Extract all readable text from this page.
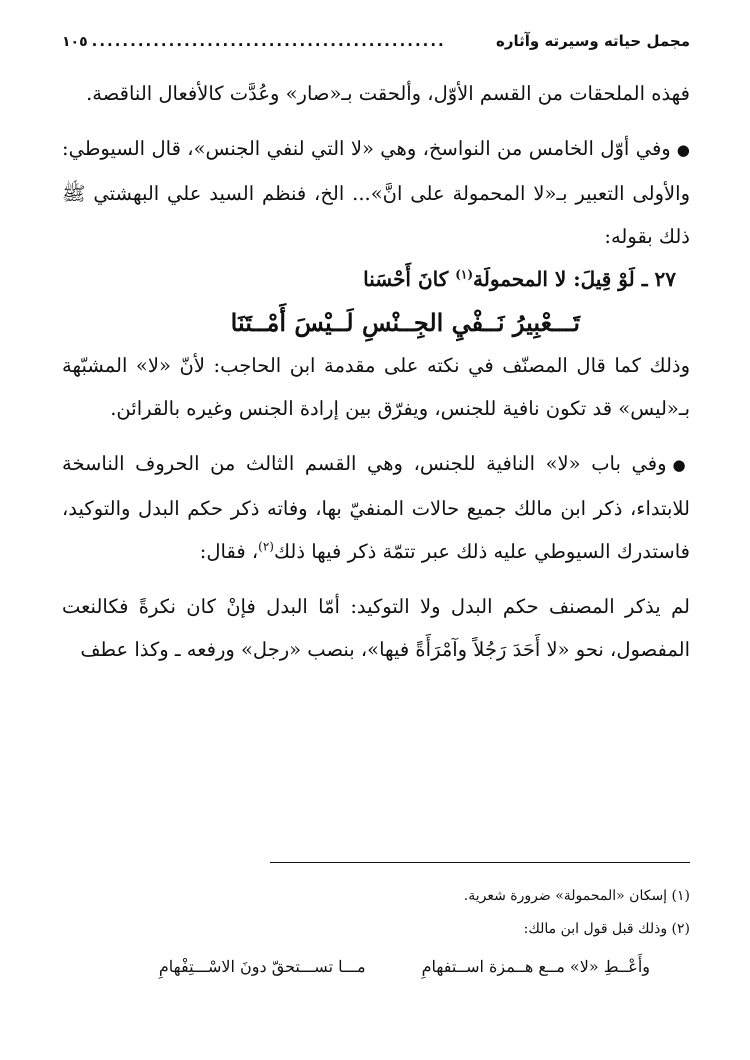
مجمل حياته وسيرته وآثاره
..............................................
١٠٥

فهذه الملحقات من القسم الأوّل، وألحقت بـ«صار» وعُدَّت كالأفعال الناقصة.

● وفي أوّل الخامس من النواسخ، وهي «لا التي لنفي الجنس»، قال السيوطي: والأولى التعبير بـ«لا المحمولة على انَّ»... الخ، فنظم السيد علي البهشتي ﷺ ذلك بقوله:

٢٧ ـ لَوْ قِيلَ: لا المحمولَة$^{(١)}$ كانَ أَحْسَنا

تَـــعْبِيرُ نَــفْيِ الجِــنْسِ لَــيْسَ أَمْــتَنَا

وذلك كما قال المصنّف في نكته على مقدمة ابن الحاجب: لأنّ «لا» المشبّهة بـ«ليس» قد تكون نافية للجنس، ويفرّق بين إرادة الجنس وغيره بالقرائن.

● وفي باب «لا» النافية للجنس، وهي القسم الثالث من الحروف الناسخة للابتداء، ذكر ابن مالك جميع حالات المنفيّ بها، وفاته ذكر حكم البدل والتوكيد، فاستدرك السيوطي عليه ذلك عبر تتمّة ذكر فيها ذلك$^{(٢)}$، فقال:

لم يذكر المصنف حكم البدل ولا التوكيد: أمّا البدل فإنْ كان نكرةً فكالنعت المفصول، نحو «لا أَحَدَ رَجُلاً وآمْرَأَةً فيها»، بنصب «رجل» ورفعه ـ وكذا عطف

(١) إسكان «المحمولة» ضرورة شعرية.

(٢) وذلك قبل قول ابن مالك:

وأَعْــطِ «لا» مــع هــمزة اســتفهامِ
مـــا تســـتحقّ دونَ الاسْـــتِفْهامِ
